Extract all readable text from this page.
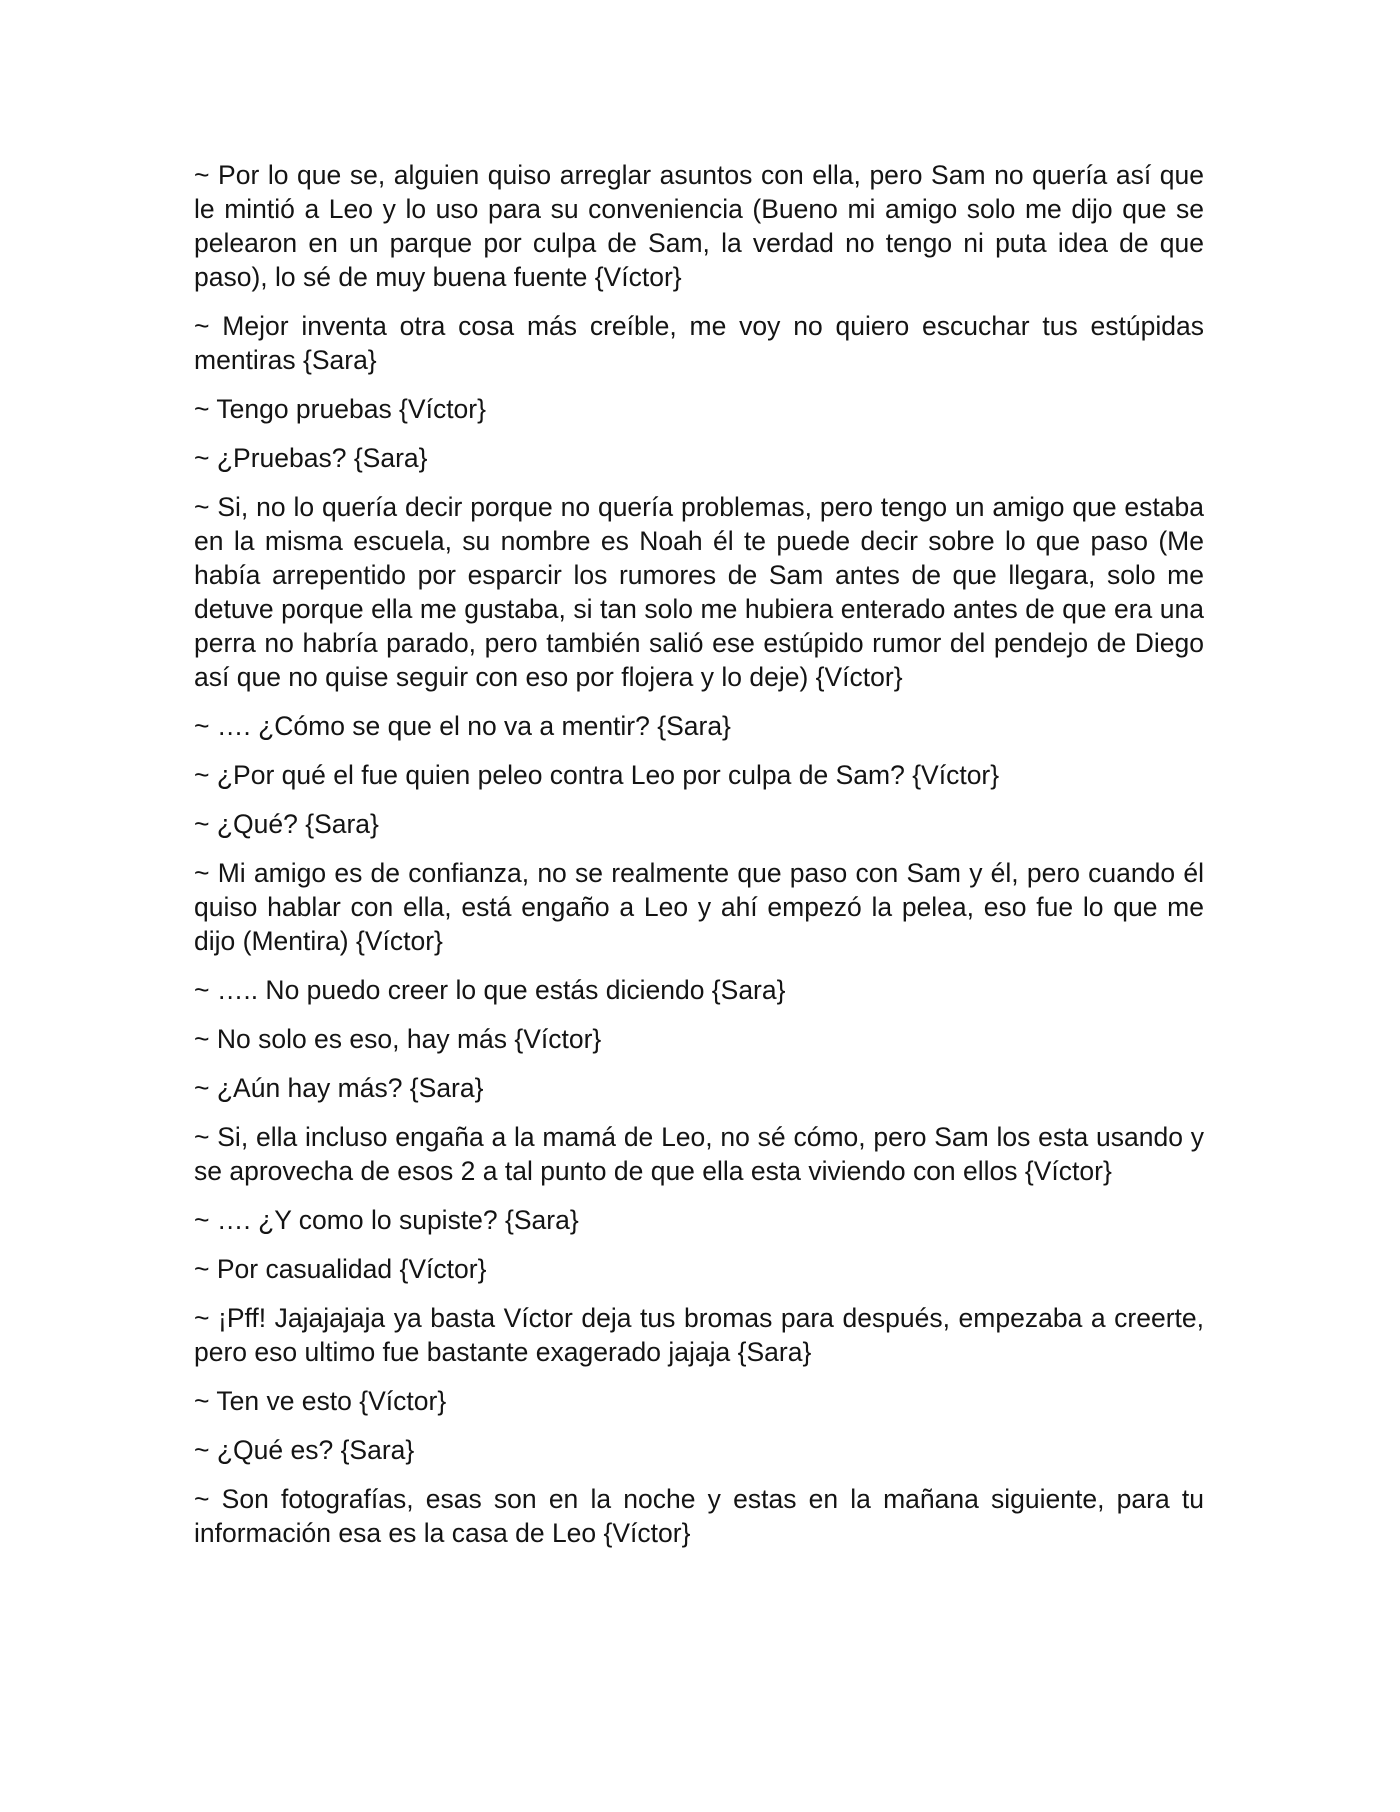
~ Por lo que se, alguien quiso arreglar asuntos con ella, pero Sam no quería así que le mintió a Leo y lo uso para su conveniencia (Bueno mi amigo solo me dijo que se pelearon en un parque por culpa de Sam, la verdad no tengo ni puta idea de que paso), lo sé de muy buena fuente {Víctor}

~ Mejor inventa otra cosa más creíble, me voy no quiero escuchar tus estúpidas mentiras {Sara}

~ Tengo pruebas {Víctor}

~ ¿Pruebas? {Sara}

~ Si, no lo quería decir porque no quería problemas, pero tengo un amigo que estaba en la misma escuela, su nombre es Noah él te puede decir sobre lo que paso (Me había arrepentido por esparcir los rumores de Sam antes de que llegara, solo me detuve porque ella me gustaba, si tan solo me hubiera enterado antes de que era una perra no habría parado, pero también salió ese estúpido rumor del pendejo de Diego así que no quise seguir con eso por flojera y lo deje) {Víctor}

~ …. ¿Cómo se que el no va a mentir? {Sara}

~ ¿Por qué el fue quien peleo contra Leo por culpa de Sam? {Víctor}

~ ¿Qué? {Sara}

~ Mi amigo es de confianza, no se realmente que paso con Sam y él, pero cuando él quiso hablar con ella, está engaño a Leo y ahí empezó la pelea, eso fue lo que me dijo (Mentira) {Víctor}

~ ….. No puedo creer lo que estás diciendo {Sara}

~ No solo es eso, hay más {Víctor}

~ ¿Aún hay más? {Sara}

~ Si, ella incluso engaña a la mamá de Leo, no sé cómo, pero Sam los esta usando y se aprovecha de esos 2 a tal punto de que ella esta viviendo con ellos {Víctor}

~ …. ¿Y como lo supiste? {Sara}

~ Por casualidad {Víctor}

~ ¡Pff! Jajajajaja ya basta Víctor deja tus bromas para después, empezaba a creerte, pero eso ultimo fue bastante exagerado jajaja {Sara}

~ Ten ve esto {Víctor}

~ ¿Qué es? {Sara}

~ Son fotografías, esas son en la noche y estas en la mañana siguiente, para tu información esa es la casa de Leo {Víctor}
